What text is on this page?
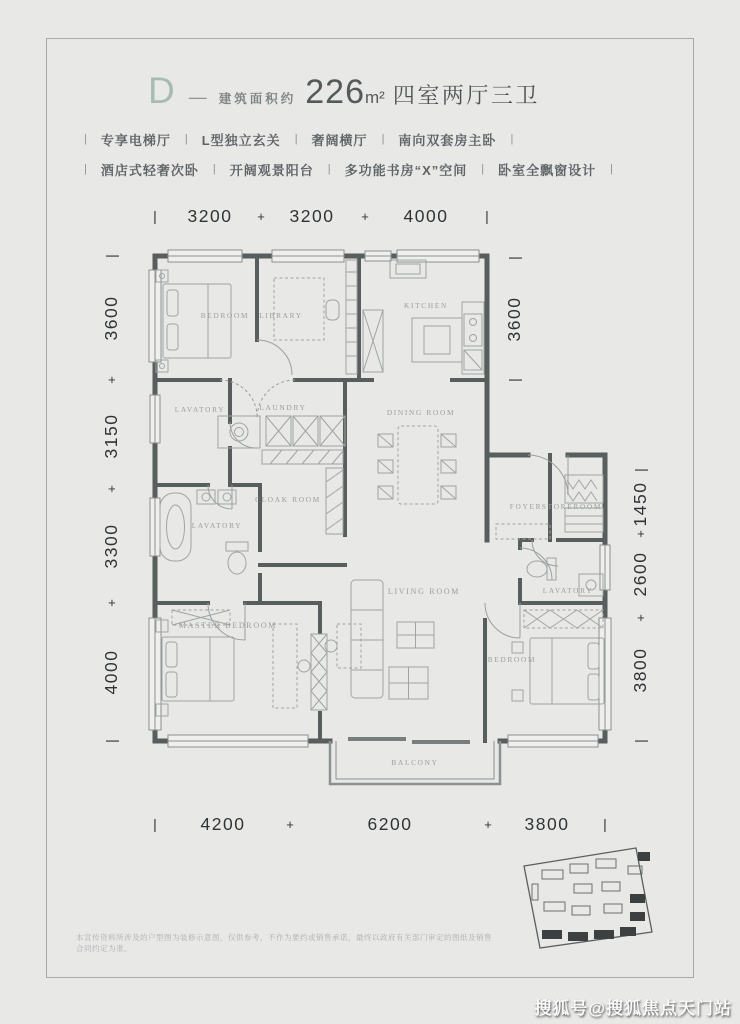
D — 建筑面积约 226 m² 四室两厅三卫
| 专享电梯厅 | L型独立玄关 | 奢阔横厅 | 南向双套房主卧 |
| 酒店式轻奢次卧 | 开阔观景阳台 | 多功能书房“X”空间 | 卧室全飘窗设计 |
| 3200 + 3200 + 4000	|
|
3600
+
3150
+
3300
+
4000
|
|
3600
|
|
1450
+
2600
+
3800
|
| 4200	+	6200	+ 3800 |
BEDROOM LIBRARY
KITCHEN
LAVATORY	LAUNDRY
DINING ROOM
CLOAK ROOM
LAVATORY
FOYER STOREROOM
MASTER BEDROOM
LIVING ROOM	LAVATORY
BEDROOM
BALCONY
本宣传资料所涉及的户型图为装修示意图，仅供参考，不作为要约或销售承诺，最终以政府有关部门审定的图纸及销售合同约定为准。
搜狐号@搜狐焦点天门站
